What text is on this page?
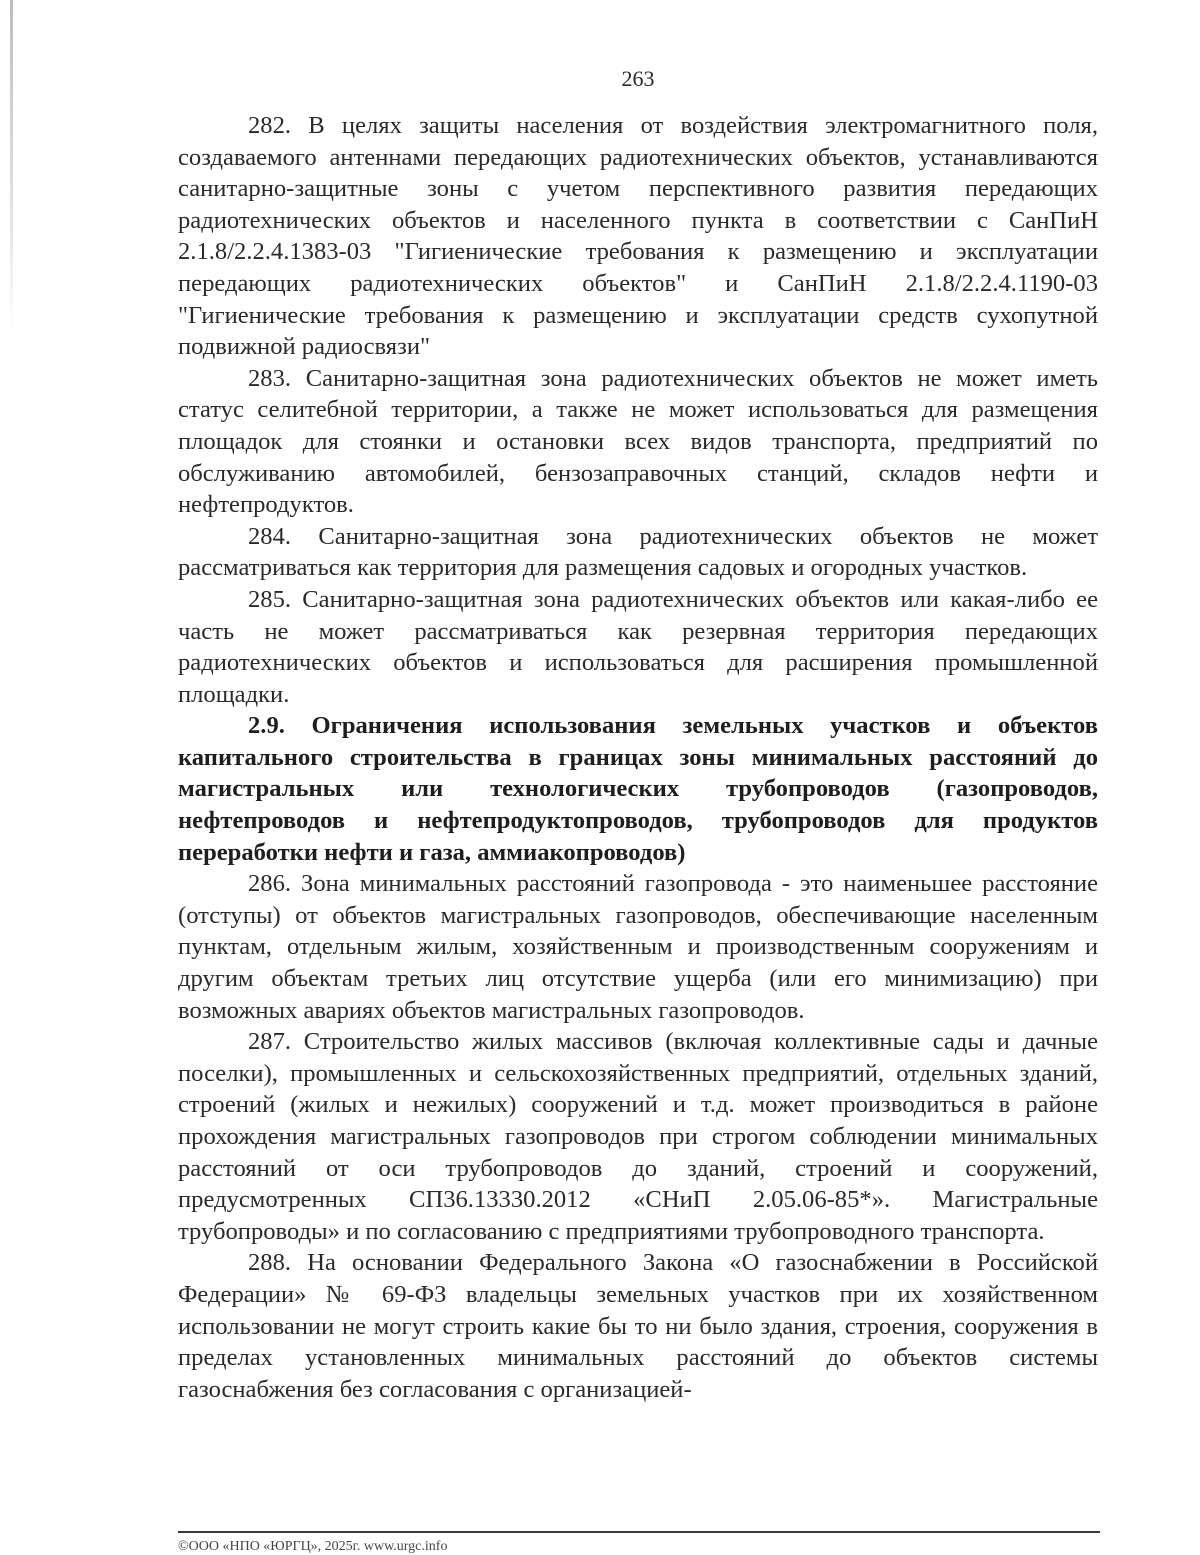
263

282. В целях защиты населения от воздействия электромагнитного поля, создаваемого антеннами передающих радиотехнических объектов, устанавливаются санитарно-защитные зоны с учетом перспективного развития передающих радиотехнических объектов и населенного пункта в соответствии с СанПиН 2.1.8/2.2.4.1383-03 "Гигиенические требования к размещению и эксплуатации передающих радиотехнических объектов" и СанПиН 2.1.8/2.2.4.1190-03 "Гигиенические требования к размещению и эксплуатации средств сухопутной подвижной радиосвязи"

283. Санитарно-защитная зона радиотехнических объектов не может иметь статус селитебной территории, а также не может использоваться для размещения площадок для стоянки и остановки всех видов транспорта, предприятий по обслуживанию автомобилей, бензозаправочных станций, складов нефти и нефтепродуктов.

284. Санитарно-защитная зона радиотехнических объектов не может рассматриваться как территория для размещения садовых и огородных участков.

285. Санитарно-защитная зона радиотехнических объектов или какая-либо ее часть не может рассматриваться как резервная территория передающих радиотехнических объектов и использоваться для расширения промышленной площадки.

2.9. Ограничения использования земельных участков и объектов капитального строительства в границах зоны минимальных расстояний до магистральных или технологических трубопроводов (газопроводов, нефтепроводов и нефтепродуктопроводов, трубопроводов для продуктов переработки нефти и газа, аммиакопроводов)

286. Зона минимальных расстояний газопровода - это наименьшее расстояние (отступы) от объектов магистральных газопроводов, обеспечивающие населенным пунктам, отдельным жилым, хозяйственным и производственным сооружениям и другим объектам третьих лиц отсутствие ущерба (или его минимизацию) при возможных авариях объектов магистральных газопроводов.

287. Строительство жилых массивов (включая коллективные сады и дачные поселки), промышленных и сельскохозяйственных предприятий, отдельных зданий, строений (жилых и нежилых) сооружений и т.д. может производиться в районе прохождения магистральных газопроводов при строгом соблюдении минимальных расстояний от оси трубопроводов до зданий, строений и сооружений, предусмотренных СП36.13330.2012 «СНиП 2.05.06-85*». Магистральные трубопроводы» и по согласованию с предприятиями трубопроводного транспорта.

288. На основании Федерального Закона «О газоснабжении в Российской Федерации» № 69-ФЗ владельцы земельных участков при их хозяйственном использовании не могут строить какие бы то ни было здания, строения, сооружения в пределах установленных минимальных расстояний до объектов системы газоснабжения без согласования с организацией-

©ООО «НПО «ЮРГЦ», 2025г. www.urgc.info
